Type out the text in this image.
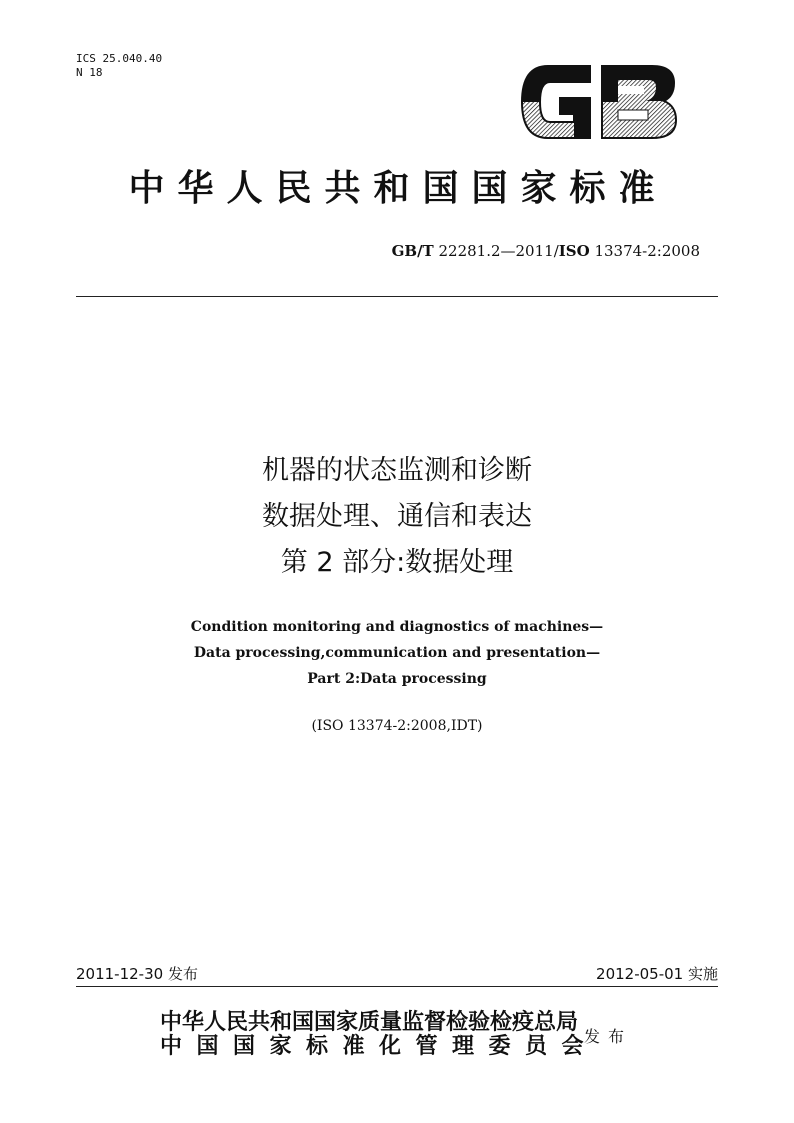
ICS 25.040.40
N 18
中华人民共和国国家标准
GB/T 22281.2—2011/ISO 13374-2:2008
机器的状态监测和诊断
数据处理、通信和表达
第 2 部分:数据处理
Condition monitoring and diagnostics of machines—
Data processing,communication and presentation—
Part 2:Data processing
(ISO 13374-2:2008,IDT)
2011-12-30 发布	2012-05-01 实施
中华人民共和国国家质量监督检验检疫总局
中国国家标准化管理委员会
发布
